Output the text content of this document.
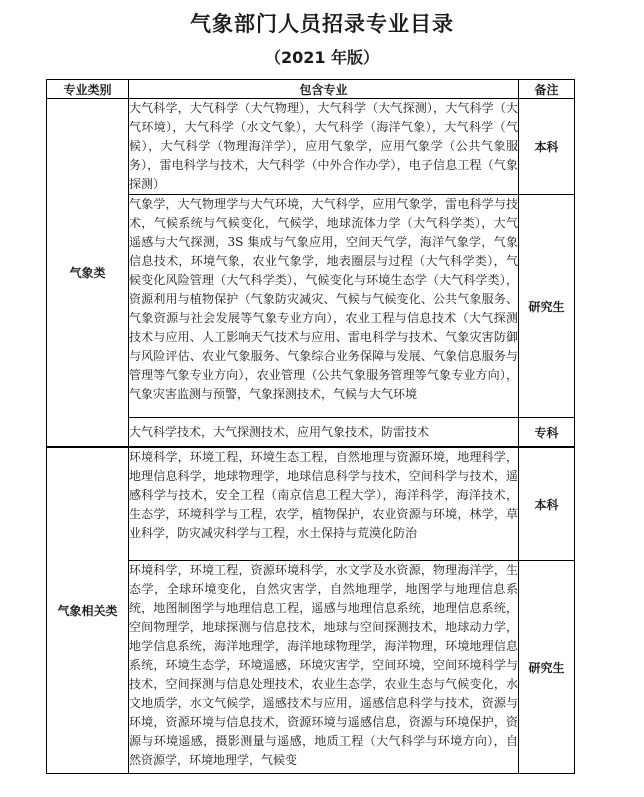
气象部门人员招录专业目录
（2021 年版）
专业类别	包含专业	备注
气象类	大气科学，大气科学（大气物理），大气科学（大气探测），大气科学（大气环境），大气科学（水文气象），大气科学（海洋气象），大气科学（气候），大气科学（物理海洋学），应用气象学，应用气象学（公共气象服务），雷电科学与技术，大气科学（中外合作办学），电子信息工程（气象探测）	本科
	气象学，大气物理学与大气环境，大气科学，应用气象学，雷电科学与技术，气候系统与气候变化，气候学，地球流体力学（大气科学类），大气遥感与大气探测，3S 集成与气象应用，空间天气学，海洋气象学，气象信息技术，环境气象，农业气象学，地表圈层与过程（大气科学类），气候变化风险管理（大气科学类），气候变化与环境生态学（大气科学类），资源利用与植物保护（气象防灾减灾、气候与气候变化、公共气象服务、气象资源与社会发展等气象专业方向），农业工程与信息技术（大气探测技术与应用、人工影响天气技术与应用、雷电科学与技术、气象灾害防御与风险评估、农业气象服务、气象综合业务保障与发展、气象信息服务与管理等气象专业方向），农业管理（公共气象服务管理等气象专业方向），气象灾害监测与预警，气象探测技术，气候与大气环境	研究生
	大气科学技术，大气探测技术，应用气象技术，防雷技术	专科
气象相关类	环境科学，环境工程，环境生态工程，自然地理与资源环境，地理科学，地理信息科学，地球物理学，地球信息科学与技术，空间科学与技术，遥感科学与技术，安全工程（南京信息工程大学），海洋科学，海洋技术，生态学，环境科学与工程，农学，植物保护，农业资源与环境，林学，草业科学，防灾减灾科学与工程，水土保持与荒漠化防治	本科
	环境科学，环境工程，资源环境科学，水文学及水资源，物理海洋学，生态学，全球环境变化，自然灾害学，自然地理学，地图学与地理信息系统，地图制图学与地理信息工程，遥感与地理信息系统，地理信息系统，空间物理学，地球探测与信息技术，地球与空间探测技术，地球动力学，地学信息系统，海洋地理学，海洋地球物理学，海洋物理，环境地理信息系统，环境生态学，环境遥感，环境灾害学，空间环境，空间环境科学与技术，空间探测与信息处理技术，农业生态学，农业生态与气候变化，水文地质学，水文气候学，遥感技术与应用，遥感信息科学与技术，资源与环境，资源环境与信息技术，资源环境与遥感信息，资源与环境保护，资源与环境遥感，摄影测量与遥感，地质工程（大气科学与环境方向），自然资源学，环境地理学，气候变	研究生
